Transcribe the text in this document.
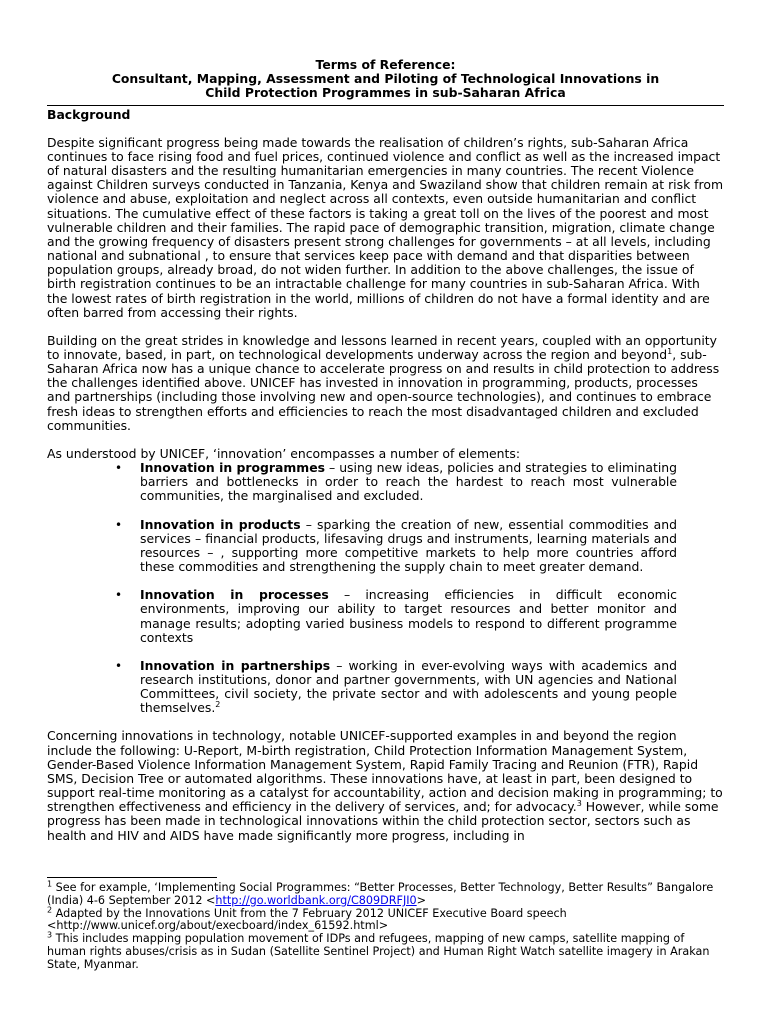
Terms of Reference:
Consultant, Mapping, Assessment and Piloting of Technological Innovations in
Child Protection Programmes in sub-Saharan Africa
Background

Despite significant progress being made towards the realisation of children’s rights, sub-Saharan Africa continues to face rising food and fuel prices, continued violence and conflict as well as the increased impact of natural disasters and the resulting humanitarian emergencies in many countries. The recent Violence against Children surveys conducted in Tanzania, Kenya and Swaziland show that children remain at risk from violence and abuse, exploitation and neglect across all contexts, even outside humanitarian and conflict situations. The cumulative effect of these factors is taking a great toll on the lives of the poorest and most vulnerable children and their families. The rapid pace of demographic transition, migration, climate change and the growing frequency of disasters present strong challenges for governments – at all levels, including national and subnational , to ensure that services keep pace with demand and that disparities between population groups, already broad, do not widen further. In addition to the above challenges, the issue of birth registration continues to be an intractable challenge for many countries in sub-Saharan Africa. With the lowest rates of birth registration in the world, millions of children do not have a formal identity and are often barred from accessing their rights.

Building on the great strides in knowledge and lessons learned in recent years, coupled with an opportunity to innovate, based, in part, on technological developments underway across the region and beyond$^1$, sub-Saharan Africa now has a unique chance to accelerate progress on and results in child protection to address the challenges identified above. UNICEF has invested in innovation in programming, products, processes and partnerships (including those involving new and open-source technologies), and continues to embrace fresh ideas to strengthen efforts and efficiencies to reach the most disadvantaged children and excluded communities.

As understood by UNICEF, ‘innovation’ encompasses a number of elements:

• Innovation in programmes – using new ideas, policies and strategies to eliminating barriers and bottlenecks in order to reach the hardest to reach most vulnerable communities, the marginalised and excluded.
• Innovation in products – sparking the creation of new, essential commodities and services – financial products, lifesaving drugs and instruments, learning materials and resources – , supporting more competitive markets to help more countries afford these commodities and strengthening the supply chain to meet greater demand.
• Innovation in processes – increasing efficiencies in difficult economic environments, improving our ability to target resources and better monitor and manage results; adopting varied business models to respond to different programme contexts
• Innovation in partnerships – working in ever-evolving ways with academics and research institutions, donor and partner governments, with UN agencies and National Committees, civil society, the private sector and with adolescents and young people themselves.$^2$

Concerning innovations in technology, notable UNICEF-supported examples in and beyond the region include the following: U-Report, M-birth registration, Child Protection Information Management System, Gender-Based Violence Information Management System, Rapid Family Tracing and Reunion (FTR), Rapid SMS, Decision Tree or automated algorithms. These innovations have, at least in part, been designed to support real-time monitoring as a catalyst for accountability, action and decision making in programming; to strengthen effectiveness and efficiency in the delivery of services, and; for advocacy.$^3$ However, while some progress has been made in technological innovations within the child protection sector, sectors such as health and HIV and AIDS have made significantly more progress, including in

$^1$ See for example, ‘Implementing Social Programmes: “Better Processes, Better Technology, Better Results” Bangalore (India) 4-6 September 2012 <http://go.worldbank.org/C809DRFJI0>

$^2$ Adapted by the Innovations Unit from the 7 February 2012 UNICEF Executive Board speech <http://www.unicef.org/about/execboard/index_61592.html>

$^3$ This includes mapping population movement of IDPs and refugees, mapping of new camps, satellite mapping of human rights abuses/crisis as in Sudan (Satellite Sentinel Project) and Human Right Watch satellite imagery in Arakan State, Myanmar.
